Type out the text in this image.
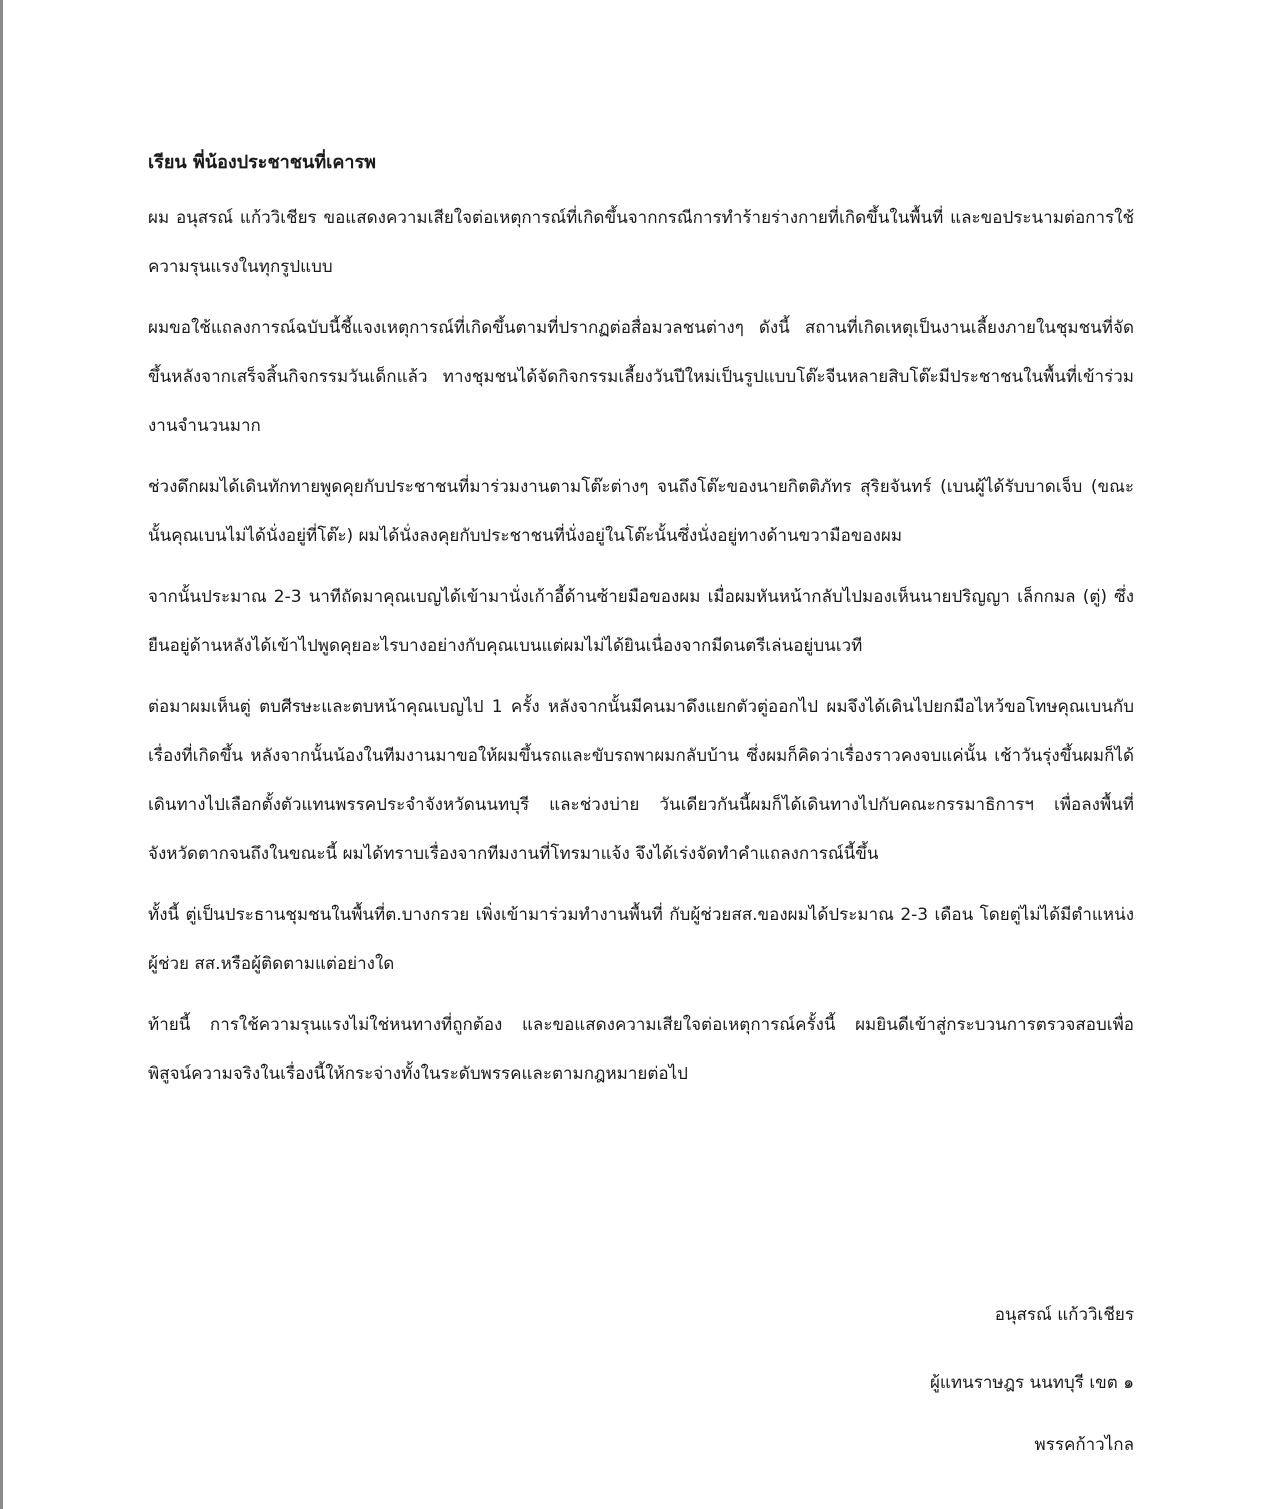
เรียน พี่น้องประชาชนที่เคารพ

ผม อนุสรณ์ แก้ววิเชียร ขอแสดงความเสียใจต่อเหตุการณ์ที่เกิดขึ้นจากกรณีการทำร้ายร่างกายที่เกิดขึ้นในพื้นที่ และขอประนามต่อการใช้ความรุนแรงในทุกรูปแบบ

ผมขอใช้แถลงการณ์ฉบับนี้ชี้แจงเหตุการณ์ที่เกิดขึ้นตามที่ปรากฏต่อสื่อมวลชนต่างๆ ดังนี้ สถานที่เกิดเหตุเป็นงานเลี้ยงภายในชุมชนที่จัดขึ้นหลังจากเสร็จสิ้นกิจกรรมวันเด็กแล้ว ทางชุมชนได้จัดกิจกรรมเลี้ยงวันปีใหม่เป็นรูปแบบโต๊ะจีนหลายสิบโต๊ะมีประชาชนในพื้นที่เข้าร่วมงานจำนวนมาก

ช่วงดึกผมได้เดินทักทายพูดคุยกับประชาชนที่มาร่วมงานตามโต๊ะต่างๆ จนถึงโต๊ะของนายกิตติภัทร สุริยจันทร์ (เบนผู้ได้รับบาดเจ็บ (ขณะนั้นคุณเบนไม่ได้นั่งอยู่ที่โต๊ะ) ผมได้นั่งลงคุยกับประชาชนที่นั่งอยู่ในโต๊ะนั้นซึ่งนั่งอยู่ทางด้านขวามือของผม

จากนั้นประมาณ 2-3 นาทีถัดมาคุณเบญได้เข้ามานั่งเก้าอี้ด้านซ้ายมือของผม เมื่อผมหันหน้ากลับไปมองเห็นนายปริญญา เล็กกมล (ตู่) ซึ่งยืนอยู่ด้านหลังได้เข้าไปพูดคุยอะไรบางอย่างกับคุณเบนแต่ผมไม่ได้ยินเนื่องจากมีดนตรีเล่นอยู่บนเวที

ต่อมาผมเห็นตู่ ตบศีรษะและตบหน้าคุณเบญไป 1 ครั้ง หลังจากนั้นมีคนมาดึงแยกตัวตู่ออกไป ผมจึงได้เดินไปยกมือไหว้ขอโทษคุณเบนกับเรื่องที่เกิดขึ้น หลังจากนั้นน้องในทีมงานมาขอให้ผมขึ้นรถและขับรถพาผมกลับบ้าน ซึ่งผมก็คิดว่าเรื่องราวคงจบแค่นั้น เช้าวันรุ่งขึ้นผมก็ได้เดินทางไปเลือกตั้งตัวแทนพรรคประจำจังหวัดนนทบุรี และช่วงบ่าย วันเดียวกันนี้ผมก็ได้เดินทางไปกับคณะกรรมาธิการฯ เพื่อลงพื้นที่จังหวัดตากจนถึงในขณะนี้ ผมได้ทราบเรื่องจากทีมงานที่โทรมาแจ้ง จึงได้เร่งจัดทำคำแถลงการณ์นี้ขึ้น

ทั้งนี้ ตู่เป็นประธานชุมชนในพื้นที่ต.บางกรวย เพิ่งเข้ามาร่วมทำงานพื้นที่ กับผู้ช่วยสส.ของผมได้ประมาณ 2-3 เดือน โดยตู่ไม่ได้มีตำแหน่งผู้ช่วย สส.หรือผู้ติดตามแต่อย่างใด

ท้ายนี้ การใช้ความรุนแรงไม่ใช่หนทางที่ถูกต้อง และขอแสดงความเสียใจต่อเหตุการณ์ครั้งนี้ ผมยินดีเข้าสู่กระบวนการตรวจสอบเพื่อพิสูจน์ความจริงในเรื่องนี้ให้กระจ่างทั้งในระดับพรรคและตามกฎหมายต่อไป

อนุสรณ์ แก้ววิเชียร
ผู้แทนราษฎร นนทบุรี เขต ๑
พรรคก้าวไกล
